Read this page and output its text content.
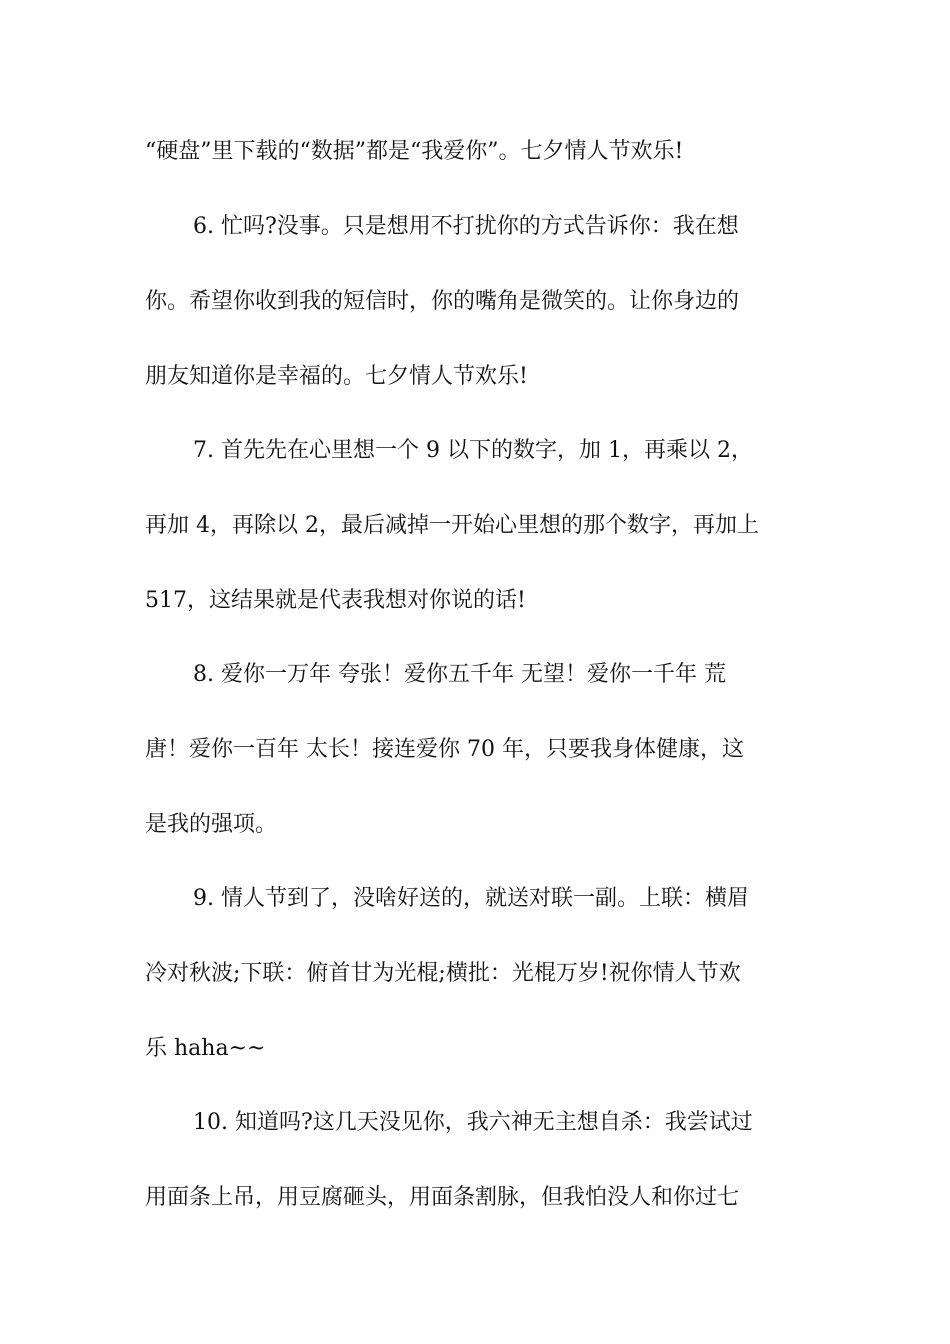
“硬盘”里下载的“数据”都是“我爱你”。七夕情人节欢乐!
6. 忙吗?没事。只是想用不打扰你的方式告诉你：我在想
你。希望你收到我的短信时，你的嘴角是微笑的。让你身边的
朋友知道你是幸福的。七夕情人节欢乐!
7. 首先先在心里想一个 9 以下的数字，加 1，再乘以 2，
再加 4，再除以 2，最后减掉一开始心里想的那个数字，再加上
517，这结果就是代表我想对你说的话!
8. 爱你一万年 夸张！爱你五千年 无望！爱你一千年 荒
唐！爱你一百年 太长！接连爱你 70 年，只要我身体健康，这
是我的强项。
9. 情人节到了，没啥好送的，就送对联一副。上联：横眉
冷对秋波;下联：俯首甘为光棍;横批：光棍万岁!祝你情人节欢
乐 haha~~
10. 知道吗?这几天没见你，我六神无主想自杀：我尝试过
用面条上吊，用豆腐砸头，用面条割脉，但我怕没人和你过七
